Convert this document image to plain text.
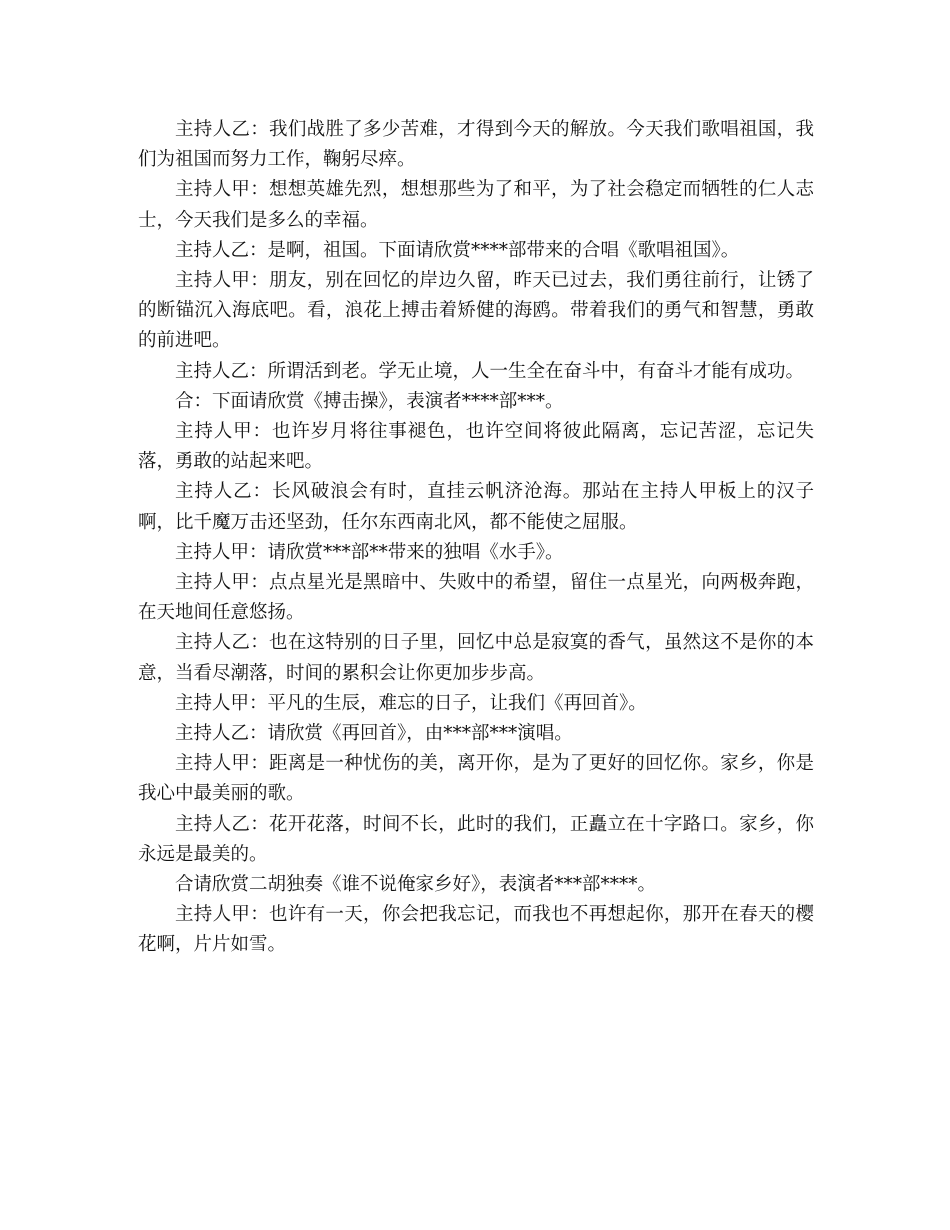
主持人乙：我们战胜了多少苦难，才得到今天的解放。今天我们歌唱祖国，我们为祖国而努力工作，鞠躬尽瘁。

主持人甲：想想英雄先烈，想想那些为了和平，为了社会稳定而牺牲的仁人志士，今天我们是多么的幸福。

主持人乙：是啊，祖国。下面请欣赏****部带来的合唱《歌唱祖国》。

主持人甲：朋友，别在回忆的岸边久留，昨天已过去，我们勇往前行，让锈了的断锚沉入海底吧。看，浪花上搏击着矫健的海鸥。带着我们的勇气和智慧，勇敢的前进吧。

主持人乙：所谓活到老。学无止境，人一生全在奋斗中，有奋斗才能有成功。

合：下面请欣赏《搏击操》，表演者****部***。

主持人甲：也许岁月将往事褪色，也许空间将彼此隔离，忘记苦涩，忘记失落，勇敢的站起来吧。

主持人乙：长风破浪会有时，直挂云帆济沧海。那站在主持人甲板上的汉子啊，比千魔万击还坚劲，任尔东西南北风，都不能使之屈服。

主持人甲：请欣赏***部**带来的独唱《水手》。

主持人甲：点点星光是黑暗中、失败中的希望，留住一点星光，向两极奔跑，在天地间任意悠扬。

主持人乙：也在这特别的日子里，回忆中总是寂寞的香气，虽然这不是你的本意，当看尽潮落，时间的累积会让你更加步步高。

主持人甲：平凡的生辰，难忘的日子，让我们《再回首》。

主持人乙：请欣赏《再回首》，由***部***演唱。

主持人甲：距离是一种忧伤的美，离开你，是为了更好的回忆你。家乡，你是我心中最美丽的歌。

主持人乙：花开花落，时间不长，此时的我们，正矗立在十字路口。家乡，你永远是最美的。

合请欣赏二胡独奏《谁不说俺家乡好》，表演者***部****。

主持人甲：也许有一天，你会把我忘记，而我也不再想起你，那开在春天的樱花啊，片片如雪。
